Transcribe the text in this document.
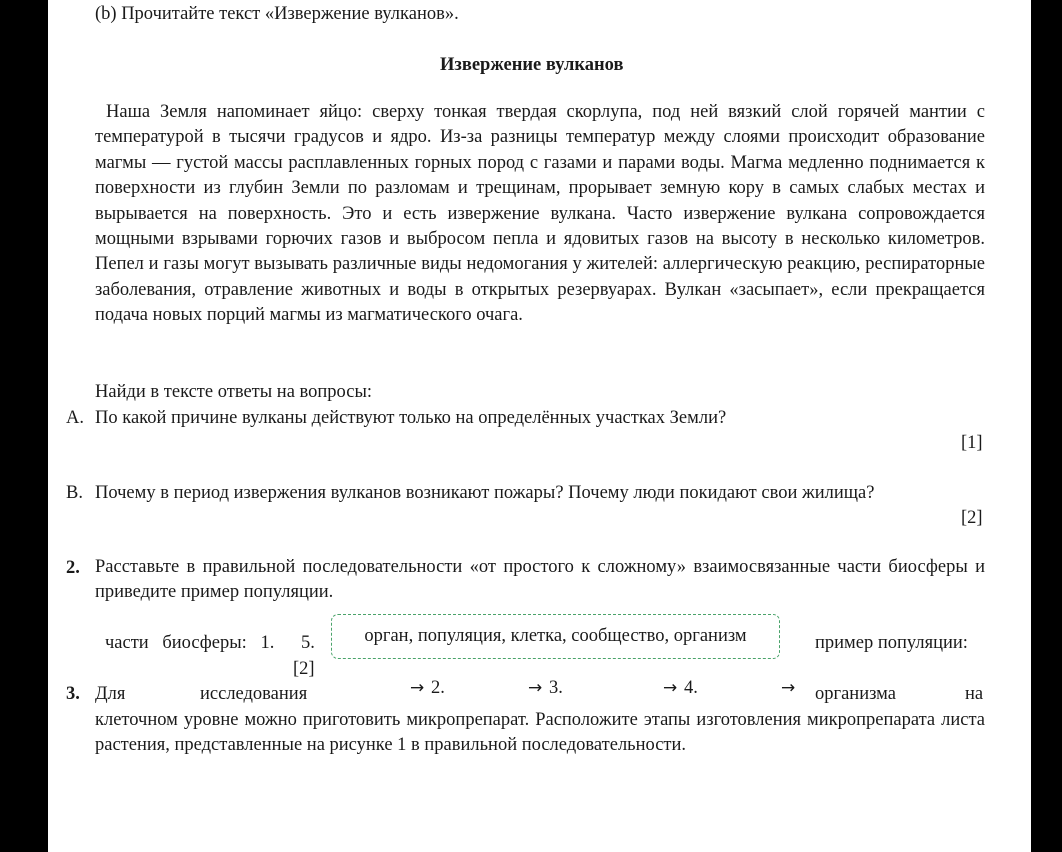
(b) Прочитайте текст «Извержение вулканов».
Извержение вулканов
Наша Земля напоминает яйцо: сверху тонкая твердая скорлупа, под ней вязкий слой горячей мантии с температурой в тысячи градусов и ядро. Из-за разницы температур между слоями происходит образование магмы — густой массы расплавленных горных пород с газами и парами воды. Магма медленно поднимается к поверхности из глубин Земли по разломам и трещинам, прорывает земную кору в самых слабых местах и вырывается на поверхность. Это и есть извержение вулкана. Часто извержение вулкана сопровождается мощными взрывами горючих газов и выбросом пепла и ядовитых газов на высоту в несколько километров. Пепел и газы могут вызывать различные виды недомогания у жителей: аллергическую реакцию, респираторные заболевания, отравление животных и воды в открытых резервуарах. Вулкан «засыпает», если прекращается подача новых порций магмы из магматического очага.
Найди в тексте ответы на вопросы:
A. По какой причине вулканы действуют только на определённых участках Земли?
[1]
B. Почему в период извержения вулканов возникают пожары? Почему люди покидают свои жилища?
[2]
2. Расставьте в правильной последовательности «от простого к сложному» взаимосвязанные части биосферы и приведите пример популяции.
части биосферы: 1. 5.	орган, популяция, клетка, сообщество, организм	пример популяции:
[2]
3. Для	исследования	→ 2.	→ 3.	→ 4.	→ организма	на
клеточном уровне можно приготовить микропрепарат. Расположите этапы изготовления микропрепарата листа растения, представленные на рисунке 1 в правильной последовательности.
